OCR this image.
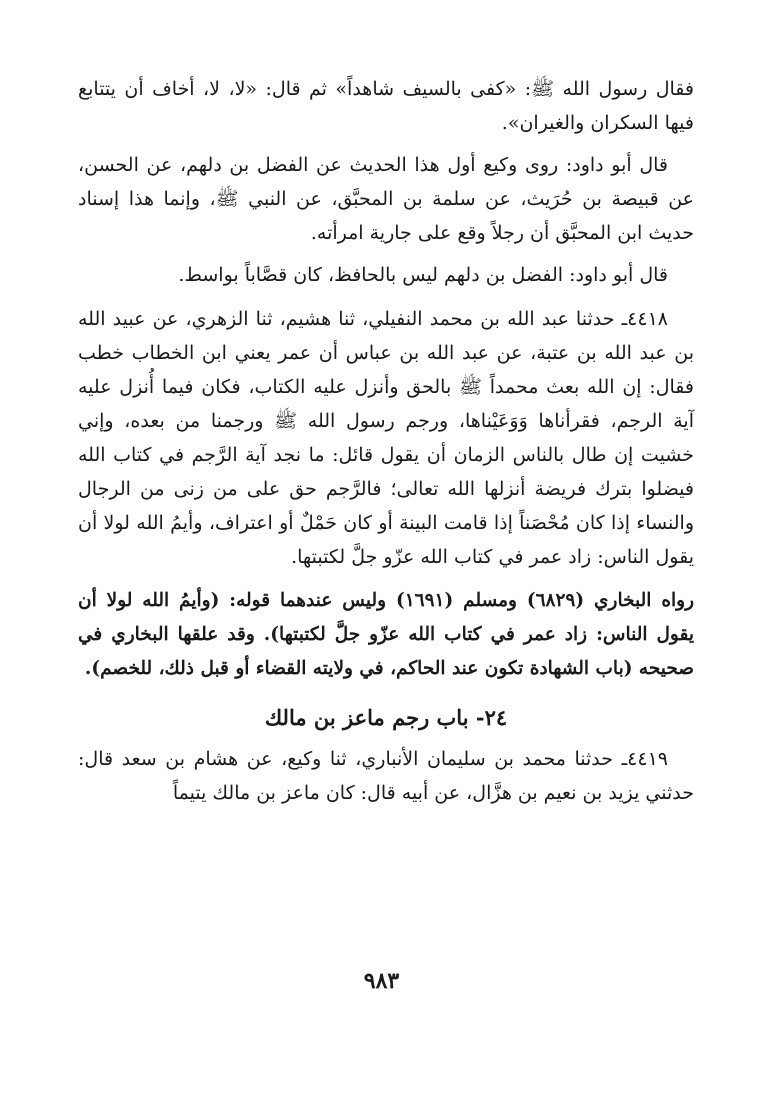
فقال رسول الله ﷺ: «كفى بالسيف شاهداً» ثم قال: «لا، لا، أخاف أن يتتابع فيها السكران والغيران».

قال أبو داود: روى وكيع أول هذا الحديث عن الفضل بن دلهم، عن الحسن، عن قبيصة بن حُرَيث، عن سلمة بن المحبَّق، عن النبي ﷺ، وإنما هذا إسناد حديث ابن المحبَّق أن رجلاً وقع على جارية امرأته.

قال أبو داود: الفضل بن دلهم ليس بالحافظ، كان قصَّاباً بواسط.

٤٤١٨ـ حدثنا عبد الله بن محمد النفيلي، ثنا هشيم، ثنا الزهري، عن عبيد الله بن عبد الله بن عتبة، عن عبد الله بن عباس أن عمر يعني ابن الخطاب خطب فقال: إن الله بعث محمداً ﷺ بالحق وأنزل عليه الكتاب، فكان فيما أُنزل عليه آية الرجم، فقرأناها وَوَعَيْناها، ورجم رسول الله ﷺ ورجمنا من بعده، وإني خشيت إن طال بالناس الزمان أن يقول قائل: ما نجد آية الرَّجم في كتاب الله فيضلوا بترك فريضة أنزلها الله تعالى؛ فالرَّجم حق على من زنى من الرجال والنساء إذا كان مُحْصَناً إذا قامت البينة أو كان حَمْلٌ أو اعتراف، وأيمُ الله لولا أن يقول الناس: زاد عمر في كتاب الله عزّو جلَّ لكتبتها.

رواه البخاري (٦٨٢٩) ومسلم (١٦٩١) وليس عندهما قوله: (وأيمُ الله لولا أن يقول الناس: زاد عمر في كتاب الله عزّو جلَّ لكتبتها). وقد علقها البخاري في صحيحه (باب الشهادة تكون عند الحاكم، في ولايته القضاء أو قبل ذلك، للخصم).

٢٤- باب رجم ماعز بن مالك

٤٤١٩ـ حدثنا محمد بن سليمان الأنباري، ثنا وكيع، عن هشام بن سعد قال: حدثني يزيد بن نعيم بن هزَّال، عن أبيه قال: كان ماعز بن مالك يتيماً

٩٨٣
